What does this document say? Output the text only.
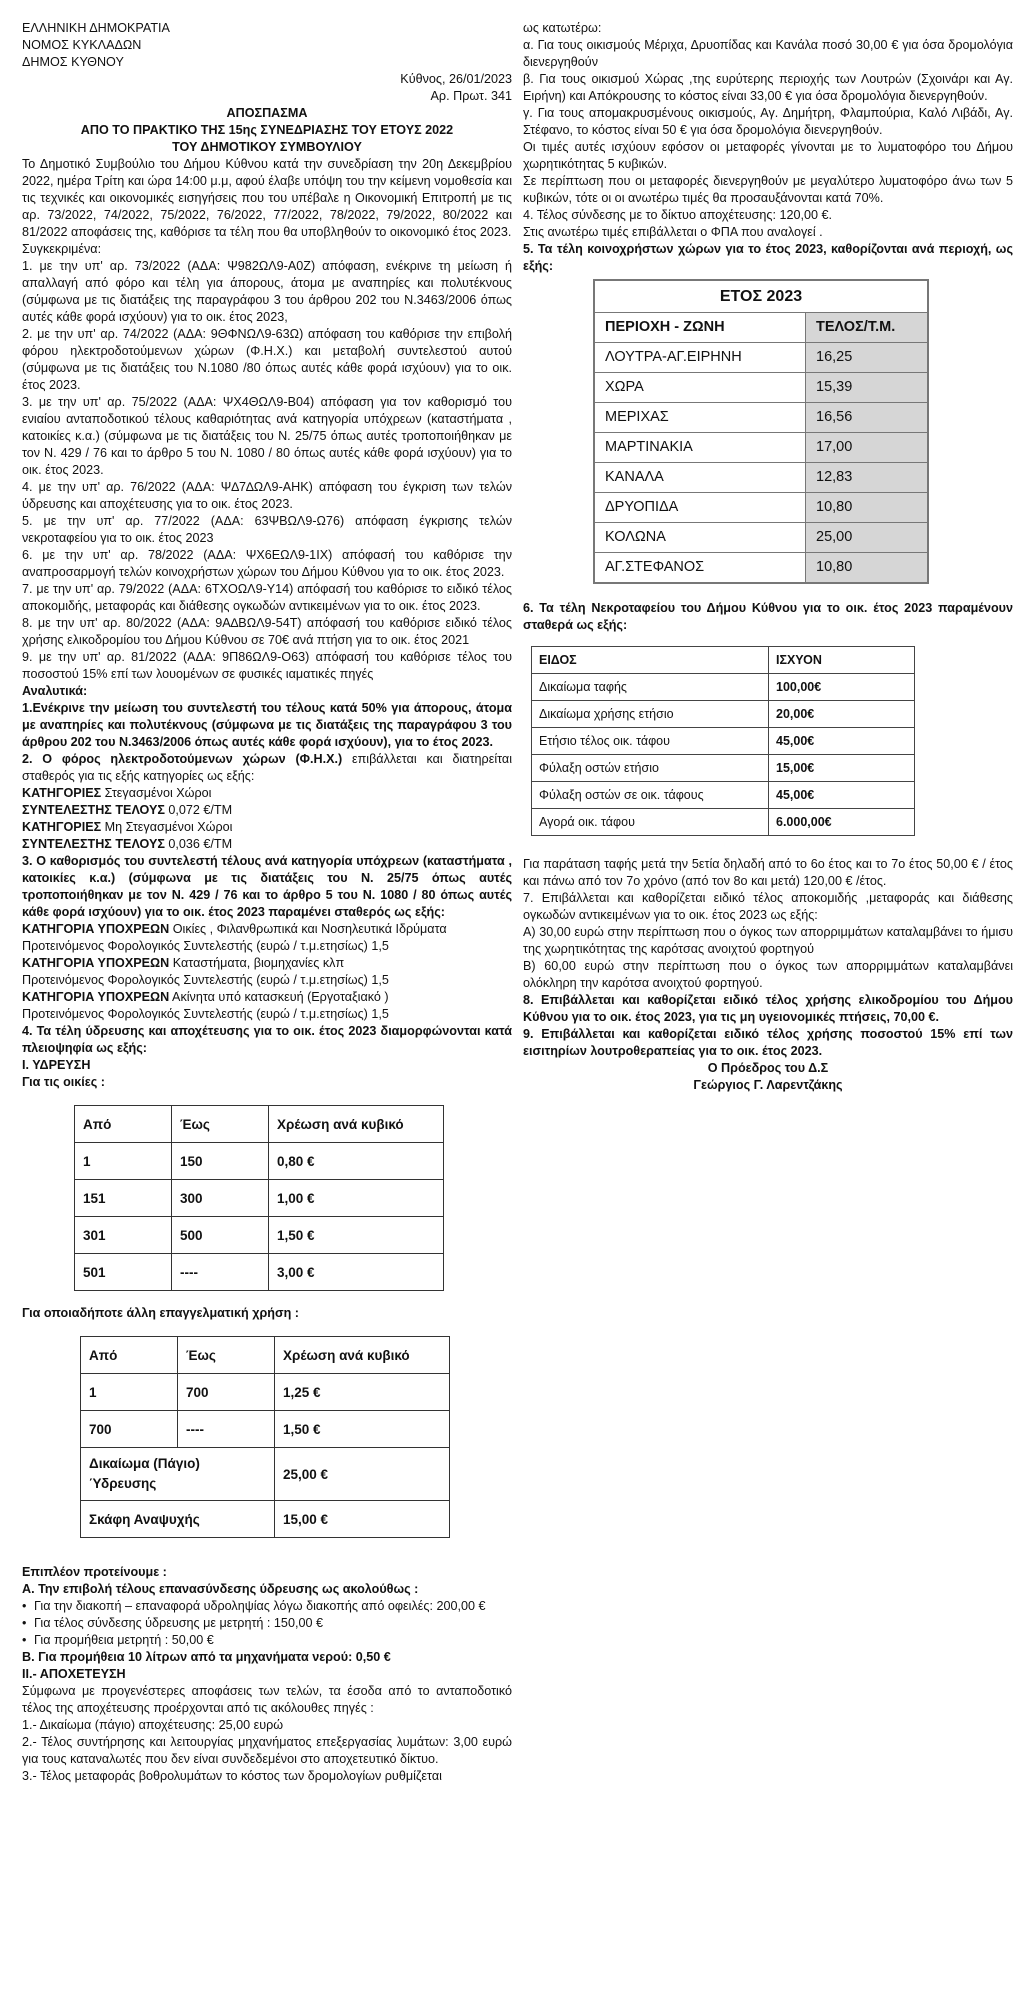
ΕΛΛΗΝΙΚΗ ΔΗΜΟΚΡΑΤΙΑ

ΝΟΜΟΣ ΚΥΚΛΑΔΩΝ

ΔΗΜΟΣ ΚΥΘΝΟΥ

Κύθνος, 26/01/2023

Αρ. Πρωτ. 341

ΑΠΟΣΠΑΣΜΑ

ΑΠΟ ΤΟ ΠΡΑΚΤΙΚΟ ΤΗΣ 15ης ΣΥΝΕΔΡΙΑΣΗΣ ΤΟΥ ΕΤΟΥΣ 2022

ΤΟΥ ΔΗΜΟΤΙΚΟΥ ΣΥΜΒΟΥΛΙΟΥ

Το Δημοτικό Συμβούλιο του Δήμου Κύθνου κατά την συνεδρίαση την 20η Δεκεμβρίου 2022, ημέρα Τρίτη και ώρα 14:00 μ.μ, αφού έλαβε υπόψη του την κείμενη νομοθεσία και τις τεχνικές και οικονομικές εισηγήσεις που του υπέβαλε η Οικονομική Επιτροπή με τις αρ. 73/2022, 74/2022, 75/2022, 76/2022, 77/2022, 78/2022, 79/2022, 80/2022 και 81/2022 αποφάσεις της, καθόρισε τα τέλη που θα υποβληθούν το οικονομικό έτος 2023.

Συγκεκριμένα:

1. με την υπ' αρ. 73/2022 (ΑΔΑ: Ψ982ΩΛ9-Α0Ζ) απόφαση, ενέκρινε τη μείωση ή απαλλαγή από φόρο και τέλη για άπορους, άτομα με αναπηρίες και πολυτέκνους (σύμφωνα με τις διατάξεις της παραγράφου 3 του άρθρου 202 του Ν.3463/2006 όπως αυτές κάθε φορά ισχύουν) για το οικ. έτος 2023,

2. με την υπ' αρ. 74/2022 (ΑΔΑ: 9ΘΦΝΩΛ9-63Ω) απόφαση του καθόρισε την επιβολή φόρου ηλεκτροδοτούμενων χώρων (Φ.Η.Χ.) και μεταβολή συντελεστού αυτού (σύμφωνα με τις διατάξεις του Ν.1080 /80 όπως αυτές κάθε φορά ισχύουν) για το οικ. έτος 2023.

3. με την υπ' αρ. 75/2022 (ΑΔΑ: ΨΧ4ΘΩΛ9-Β04) απόφαση για τον καθορισμό του ενιαίου ανταποδοτικού τέλους καθαριότητας ανά κατηγορία υπόχρεων (καταστήματα , κατοικίες κ.α.) (σύμφωνα με τις διατάξεις του Ν. 25/75 όπως αυτές τροποποιήθηκαν με τον Ν. 429 / 76 και το άρθρο 5 του Ν. 1080 / 80 όπως αυτές κάθε φορά ισχύουν) για το οικ. έτος 2023.

4. με την υπ' αρ. 76/2022 (ΑΔΑ: Ψ∆7∆ΩΛ9-ΑΗΚ) απόφαση του έγκριση των τελών ύδρευσης και αποχέτευσης για το οικ. έτος 2023.

5. με την υπ' αρ. 77/2022 (ΑΔΑ: 63ΨΒΩΛ9-Ω76) απόφαση έγκρισης τελών νεκροταφείου για το οικ. έτος 2023

6. με την υπ' αρ. 78/2022 (ΑΔΑ: ΨΧ6ΕΩΛ9-1ΙΧ) απόφασή του καθόρισε την αναπροσαρμογή τελών κοινοχρήστων χώρων του Δήμου Κύθνου για το οικ. έτος 2023.

7. με την υπ' αρ. 79/2022 (ΑΔΑ: 6ΤΧΟΩΛ9-Υ14) απόφασή του καθόρισε το ειδικό τέλος αποκομιδής, μεταφοράς και διάθεσης ογκωδών αντικειμένων για το οικ. έτος 2023.

8. με την υπ' αρ. 80/2022 (ΑΔΑ: 9Α∆ΒΩΛ9-54Τ) απόφασή του καθόρισε ειδικό τέλος χρήσης ελικοδρομίου του Δήμου Κύθνου σε 70€ ανά πτήση για το οικ. έτος 2021

9. με την υπ' αρ. 81/2022 (ΑΔΑ: 9Π86ΩΛ9-Ο63) απόφασή του καθόρισε τέλος του ποσοστού 15% επί των λουομένων σε φυσικές ιαματικές πηγές

Αναλυτικά:

1.Ενέκρινε την μείωση του συντελεστή του τέλους κατά 50% για άπορους, άτομα με αναπηρίες και πολυτέκνους (σύμφωνα με τις διατάξεις της παραγράφου 3 του άρθρου 202 του Ν.3463/2006 όπως αυτές κάθε φορά ισχύουν), για το έτος 2023.

2. Ο φόρος ηλεκτροδοτούμενων χώρων (Φ.Η.Χ.) επιβάλλεται και διατηρείται σταθερός για τις εξής κατηγορίες ως εξής:

ΚΑΤΗΓΟΡΙΕΣ Στεγασμένοι Χώροι

ΣΥΝΤΕΛΕΣΤΗΣ ΤΕΛΟΥΣ 0,072 €/ΤΜ

ΚΑΤΗΓΟΡΙΕΣ Μη Στεγασμένοι Χώροι

ΣΥΝΤΕΛΕΣΤΗΣ ΤΕΛΟΥΣ 0,036 €/ΤΜ

3. Ο καθορισμός του συντελεστή τέλους ανά κατηγορία υπόχρεων (καταστήματα , κατοικίες κ.α.) (σύμφωνα με τις διατάξεις του Ν. 25/75 όπως αυτές τροποποιήθηκαν με τον Ν. 429 / 76 και το άρθρο 5 του Ν. 1080 / 80 όπως αυτές κάθε φορά ισχύουν) για το οικ. έτος 2023 παραμένει σταθερός ως εξής:

ΚΑΤΗΓΟΡΙΑ ΥΠΟΧΡΕΩΝ Οικίες , Φιλανθρωπικά και Νοσηλευτικά Ιδρύματα

Προτεινόμενος Φορολογικός Συντελεστής (ευρώ / τ.μ.ετησίως) 1,5

ΚΑΤΗΓΟΡΙΑ ΥΠΟΧΡΕΩΝ Καταστήματα, βιομηχανίες κλπ

Προτεινόμενος Φορολογικός Συντελεστής (ευρώ / τ.μ.ετησίως) 1,5

ΚΑΤΗΓΟΡΙΑ ΥΠΟΧΡΕΩΝ Ακίνητα υπό κατασκευή (Εργοταξιακό )

Προτεινόμενος Φορολογικός Συντελεστής (ευρώ / τ.μ.ετησίως) 1,5

4. Τα τέλη ύδρευσης και αποχέτευσης για το οικ. έτος 2023 διαμορφώνονται κατά πλειοψηφία ως εξής:

Ι. ΥΔΡΕΥΣΗ

Για τις οικίες :

Από	Έως	Χρέωση ανά κυβικό
1	150	0,80 €
151	300	1,00 €
301	500	1,50 €
501	----	3,00 €

Για οποιαδήποτε άλλη επαγγελματική χρήση :

Από	Έως	Χρέωση ανά κυβικό
1	700	1,25 €
700	----	1,50 €

Δικαίωμα (Πάγιο)
Ύδρευσης		25,00 €
Σκάφη Αναψυχής		15,00 €

Επιπλέον προτείνουμε :

Α. Την επιβολή τέλους επανασύνδεσης ύδρευσης ως ακολούθως :

• Για την διακοπή – επαναφορά υδροληψίας λόγω διακοπής από οφειλές: 200,00 €

• Για τέλος σύνδεσης ύδρευσης με μετρητή : 150,00 €

• Για προμήθεια μετρητή : 50,00 €

Β. Για προμήθεια 10 λίτρων από τα μηχανήματα νερού: 0,50 €

ΙΙ.- ΑΠΟΧΕΤΕΥΣΗ

Σύμφωνα με προγενέστερες αποφάσεις των τελών, τα έσοδα από το ανταποδοτικό τέλος της αποχέτευσης προέρχονται από τις ακόλουθες πηγές :

1.- Δικαίωμα (πάγιο) αποχέτευσης: 25,00 ευρώ

2.- Τέλος συντήρησης και λειτουργίας μηχανήματος επεξεργασίας λυμάτων: 3,00 ευρώ για τους καταναλωτές που δεν είναι συνδεδεμένοι στο αποχετευτικό δίκτυο.

3.- Τέλος μεταφοράς βοθρολυμάτων το κόστος των δρομολογίων ρυθμίζεται

ως κατωτέρω:

α. Για τους οικισμούς Μέριχα, Δρυοπίδας και Κανάλα ποσό 30,00 € για όσα δρομολόγια διενεργηθούν

β. Για τους οικισμού Χώρας ,της ευρύτερης περιοχής των Λουτρών (Σχοινάρι και Αγ. Ειρήνη) και Απόκρουσης το κόστος είναι 33,00 € για όσα δρομολόγια διενεργηθούν.

γ. Για τους απομακρυσμένους οικισμούς, Αγ. Δημήτρη, Φλαμπούρια, Καλό Λιβάδι, Αγ. Στέφανο, το κόστος είναι 50 € για όσα δρομολόγια διενεργηθούν.

Οι τιμές αυτές ισχύουν εφόσον οι μεταφορές γίνονται με το λυματοφόρο του Δήμου χωρητικότητας 5 κυβικών.

Σε περίπτωση που οι μεταφορές διενεργηθούν με μεγαλύτερο λυματοφόρο άνω των 5 κυβικών, τότε οι οι ανωτέρω τιμές θα προσαυξάνονται κατά 70%.

4. Τέλος σύνδεσης με το δίκτυο αποχέτευσης: 120,00 €.

Στις ανωτέρω τιμές επιβάλλεται ο ΦΠΑ που αναλογεί .

5. Τα τέλη κοινοχρήστων χώρων για το έτος 2023, καθορίζονται ανά περιοχή, ως εξής:

ΕΤΟΣ 2023	
ΠΕΡΙΟΧΗ - ΖΩΝΗ	ΤΕΛΟΣ/Τ.Μ.
ΛΟΥΤΡΑ-ΑΓ.ΕΙΡΗΝΗ	16,25
ΧΩΡΑ	15,39
ΜΕΡΙΧΑΣ	16,56
ΜΑΡΤΙΝΑΚΙΑ	17,00
ΚΑΝΑΛΑ	12,83
ΔΡΥΟΠΙΔΑ	10,80
ΚΟΛΩΝΑ	25,00
ΑΓ.ΣΤΕΦΑΝΟΣ	10,80

6. Τα τέλη Νεκροταφείου του Δήμου Κύθνου για το οικ. έτος 2023 παραμένουν σταθερά ως εξής:

ΕΙΔΟΣ	ΙΣΧΥΟΝ
Δικαίωμα ταφής	100,00€
Δικαίωμα χρήσης ετήσιο	20,00€
Ετήσιο τέλος οικ. τάφου	45,00€
Φύλαξη οστών ετήσιο	15,00€
Φύλαξη οστών σε οικ. τάφους	45,00€
Αγορά οικ. τάφου	6.000,00€

Για παράταση ταφής μετά την 5ετία δηλαδή από το 6ο έτος και το 7ο έτος 50,00 € / έτος και πάνω από τον 7ο χρόνο (από τον 8ο και μετά) 120,00 € /έτος.

7. Επιβάλλεται και καθορίζεται ειδικό τέλος αποκομιδής ,μεταφοράς και διάθεσης ογκωδών αντικειμένων για το οικ. έτος 2023 ως εξής:

Α) 30,00 ευρώ στην περίπτωση που ο όγκος των απορριμμάτων καταλαμβάνει το ήμισυ της χωρητικότητας της καρότσας ανοιχτού φορτηγού

Β) 60,00 ευρώ στην περίπτωση που ο όγκος των απορριμμάτων καταλαμβάνει ολόκληρη την καρότσα ανοιχτού φορτηγού.

8. Επιβάλλεται και καθορίζεται ειδικό τέλος χρήσης ελικοδρομίου του Δήμου Κύθνου για το οικ. έτος 2023, για τις μη υγειονομικές πτήσεις, 70,00 €.

9. Επιβάλλεται και καθορίζεται ειδικό τέλος χρήσης ποσοστού 15% επί των εισιτηρίων λουτροθεραπείας για το οικ. έτος 2023.

Ο Πρόεδρος του Δ.Σ

Γεώργιος Γ. Λαρεντζάκης
